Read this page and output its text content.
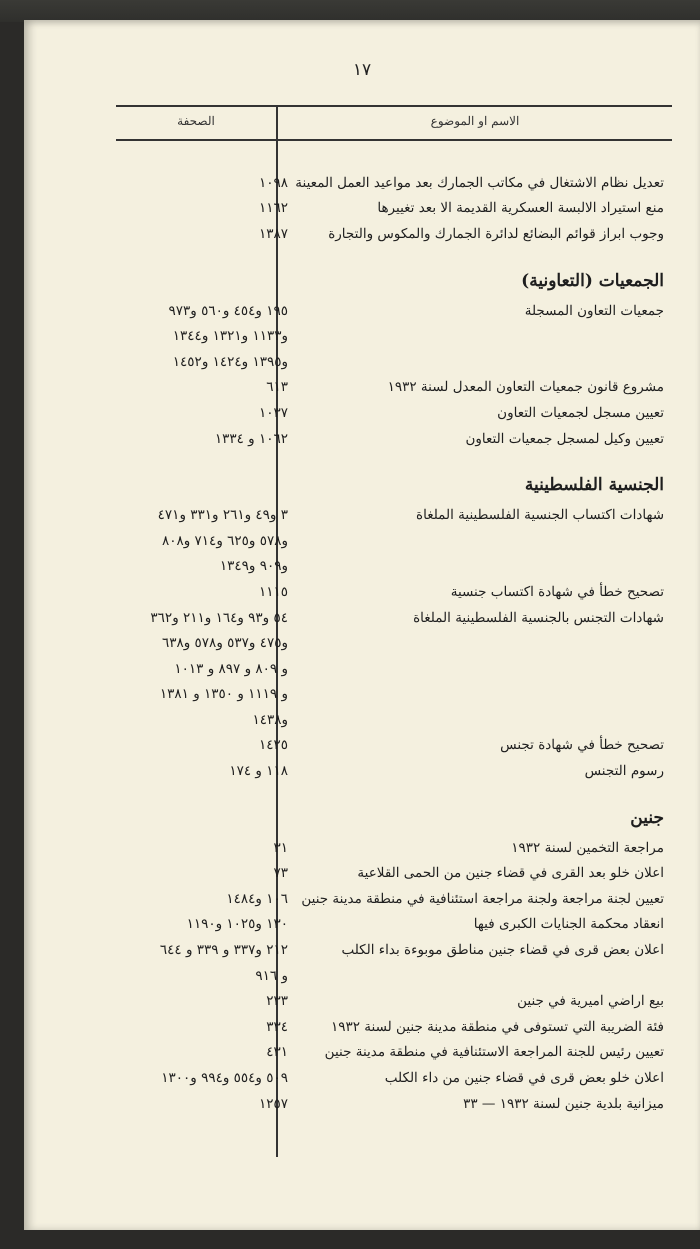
١٧
الاسم او الموضوع
الصحفة
تعديل نظام الاشتغال في مكاتب الجمارك بعد مواعيد العمل المعينة
١٠٩٨
منع استيراد الالبسة العسكرية القديمة الا بعد تغييرها
١١٦٢
وجوب ابراز قوائم البضائع لدائرة الجمارك والمكوس والتجارة
١٣٨٧
الجمعيات (التعاونية)
جمعيات التعاون المسجلة
١٩٥ و٤٥٤ و٥٦٠ و٩٧٣
و١١٣٣ و١٣٢١ و١٣٤٤
و١٣٩٥ و١٤٢٤ و١٤٥٢
مشروع قانون جمعيات التعاون المعدل لسنة ١٩٣٢
٦١٣
تعيين مسجل لجمعيات التعاون
١٠٣٧
تعيين وكيل لمسجل جمعيات التعاون
١٠٦٢ و ١٣٣٤
الجنسية الفلسطينية
شهادات اكتساب الجنسية الفلسطينية الملغاة
٣ و٤٩ و٢٦١ و٣٣١ و٤٧١
و٥٧٨ و٦٢٥ و٧١٤ و٨٠٨
و٩٠٩ و١٣٤٩
تصحيح خطأ في شهادة اكتساب جنسية
١١١٥
شهادات التجنس بالجنسية الفلسطينية الملغاة
٥٤ و٩٣ و١٦٤ و٢١١ و٣٦٢
و٤٧٥ و٥٣٧ و٥٧٨ و٦٣٨
و ٨٠٩ و ٨٩٧ و ١٠١٣
و ١١١٩ و ١٣٥٠ و ١٣٨١
و١٤٣٨
تصحيح خطأ في شهادة تجنس
١٤٢٥
رسوم التجنس
١١٨ و ١٧٤
جنين
مراجعة التخمين لسنة ١٩٣٢
٣١
اعلان خلو بعد القرى في قضاء جنين من الحمى القلاعية
٧٣
تعيين لجنة مراجعة ولجنة مراجعة استئنافية في منطقة مدينة جنين
١٠٦ و١٤٨٤
انعقاد محكمة الجنايات الكبرى فيها
١٣٠ و١٠٢٥ و١١٩٠
اعلان بعض قرى في قضاء جنين مناطق موبوءة بداء الكلب
٢١٢ و٣٣٧ و ٣٣٩ و ٦٤٤
و ٩١٦
بيع اراضي اميرية في جنين
٢٣٣
فئة الضريبة التي تستوفى في منطقة مدينة جنين لسنة ١٩٣٢
٣٣٤
تعيين رئيس للجنة المراجعة الاستئنافية في منطقة مدينة جنين
٤٣١
اعلان خلو بعض قرى في قضاء جنين من داء الكلب
٥٠٩ و٥٥٤ و٩٩٤ و١٣٠٠
ميزانية بلدية جنين لسنة ١٩٣٢ — ٣٣
١٢٥٧
